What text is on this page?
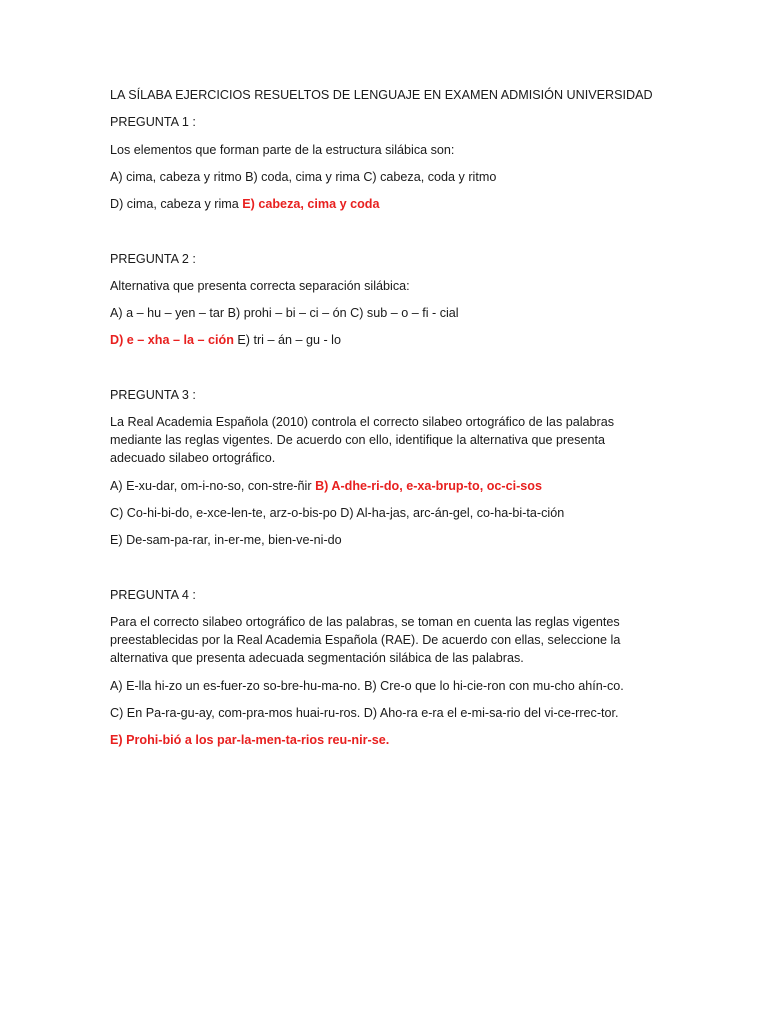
LA SÍLABA EJERCICIOS RESUELTOS DE LENGUAJE EN EXAMEN ADMISIÓN UNIVERSIDAD
PREGUNTA 1 :
Los elementos que forman parte de la estructura silábica son:
A) cima, cabeza y ritmo B) coda, cima y rima C) cabeza, coda y ritmo
D) cima, cabeza y rima E) cabeza, cima y coda
PREGUNTA 2 :
Alternativa que presenta correcta separación silábica:
A) a – hu – yen – tar B) prohi – bi – ci – ón C) sub – o – fi - cial
D) e – xha – la – ción E) tri – án – gu - lo
PREGUNTA 3 :
La Real Academia Española (2010) controla el correcto silabeo ortográfico de las palabras
mediante las reglas vigentes. De acuerdo con ello, identifique la alternativa que presenta
adecuado silabeo ortográfico.
A) E-xu-dar, om-i-no-so, con-stre-ñir B) A-dhe-ri-do, e-xa-brup-to, oc-ci-sos
C) Co-hi-bi-do, e-xce-len-te, arz-o-bis-po D) Al-ha-jas, arc-án-gel, co-ha-bi-ta-ción
E) De-sam-pa-rar, in-er-me, bien-ve-ni-do
PREGUNTA 4 :
Para el correcto silabeo ortográfico de las palabras, se toman en cuenta las reglas vigentes
preestablecidas por la Real Academia Española (RAE). De acuerdo con ellas, seleccione la
alternativa que presenta adecuada segmentación silábica de las palabras.
A) E-lla hi-zo un es-fuer-zo so-bre-hu-ma-no. B) Cre-o que lo hi-cie-ron con mu-cho ahín-co.
C) En Pa-ra-gu-ay, com-pra-mos huai-ru-ros. D) Aho-ra e-ra el e-mi-sa-rio del vi-ce-rrec-tor.
E) Prohi-bió a los par-la-men-ta-rios reu-nir-se.
